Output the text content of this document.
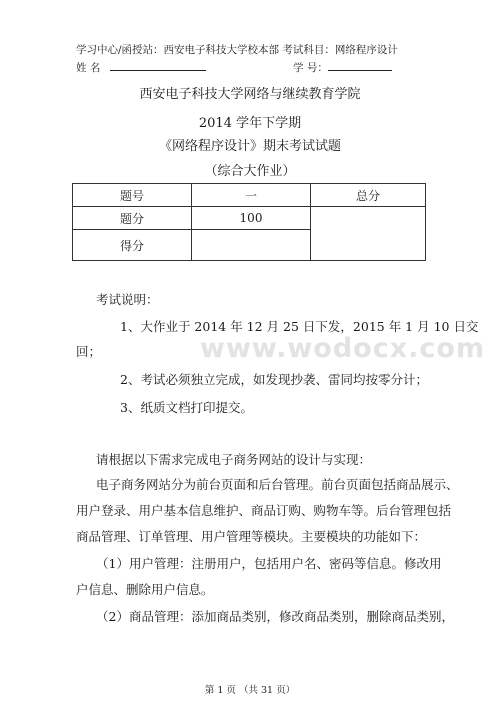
学习中心/函授站：西安电子科技大学校本部 考试科目：网络程序设计
姓 名	学 号：
西安电子科技大学网络与继续教育学院
2014 学年下学期
《网络程序设计》期末考试试题
（综合大作业）
题号	一	总分
题分	100	
得分		
考试说明：
1、大作业于 2014 年 12 月 25 日下发，2015 年 1 月 10 日交
回；
2、考试必须独立完成，如发现抄袭、雷同均按零分计；
3、纸质文档打印提交。
www.wodocx.com
请根据以下需求完成电子商务网站的设计与实现：
电子商务网站分为前台页面和后台管理。前台页面包括商品展示、
用户登录、用户基本信息维护、商品订购、购物车等。后台管理包括
商品管理、订单管理、用户管理等模块。主要模块的功能如下：
（1）用户管理：注册用户，包括用户名、密码等信息。修改用
户信息、删除用户信息。
（2）商品管理：添加商品类别，修改商品类别，删除商品类别，
第 1 页 （共 31 页）
